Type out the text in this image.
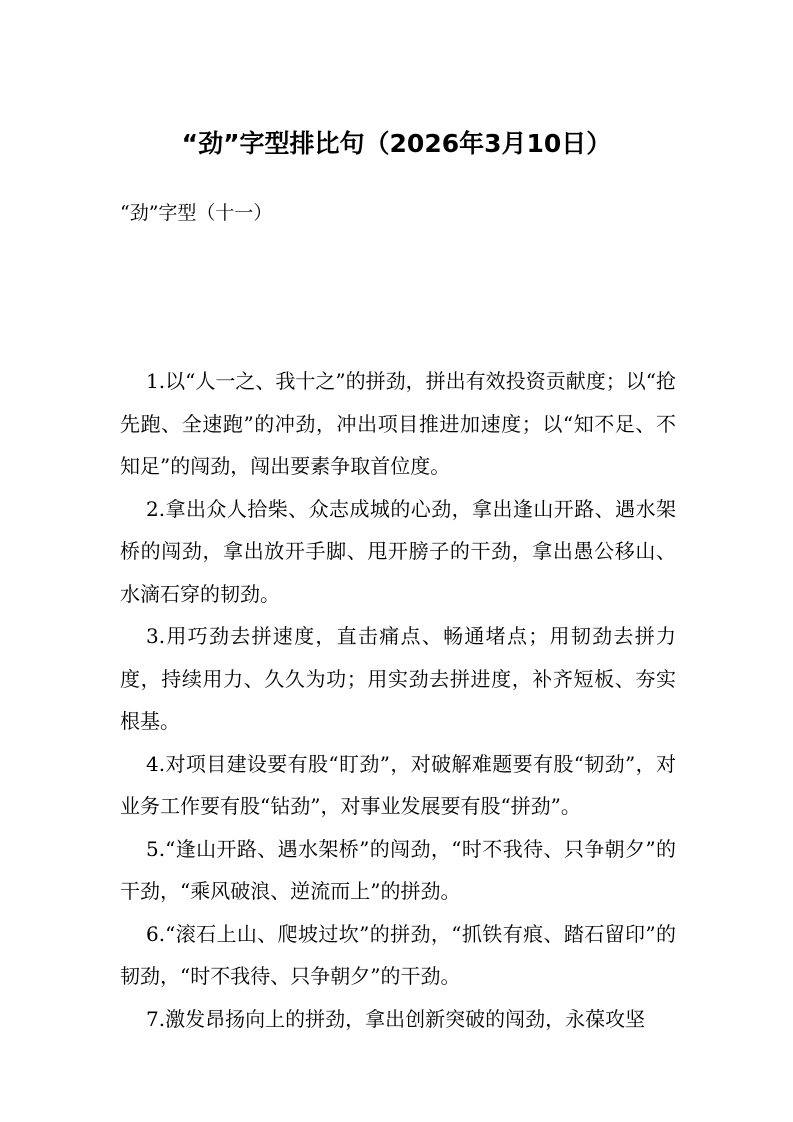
“劲”字型排比句（2026年3月10日）
“劲”字型（十一）

1.以“人一之、我十之”的拼劲，拼出有效投资贡献度；以“抢先跑、全速跑”的冲劲，冲出项目推进加速度；以“知不足、不知足”的闯劲，闯出要素争取首位度。

2.拿出众人拾柴、众志成城的心劲，拿出逢山开路、遇水架桥的闯劲，拿出放开手脚、甩开膀子的干劲，拿出愚公移山、水滴石穿的韧劲。

3.用巧劲去拼速度，直击痛点、畅通堵点；用韧劲去拼力度，持续用力、久久为功；用实劲去拼进度，补齐短板、夯实根基。

4.对项目建设要有股“盯劲”，对破解难题要有股“韧劲”，对业务工作要有股“钻劲”，对事业发展要有股“拼劲”。

5.“逢山开路、遇水架桥”的闯劲，“时不我待、只争朝夕”的干劲，“乘风破浪、逆流而上”的拼劲。

6.“滚石上山、爬坡过坎”的拼劲，“抓铁有痕、踏石留印”的韧劲，“时不我待、只争朝夕”的干劲。

7.激发昂扬向上的拼劲，拿出创新突破的闯劲，永葆攻坚
